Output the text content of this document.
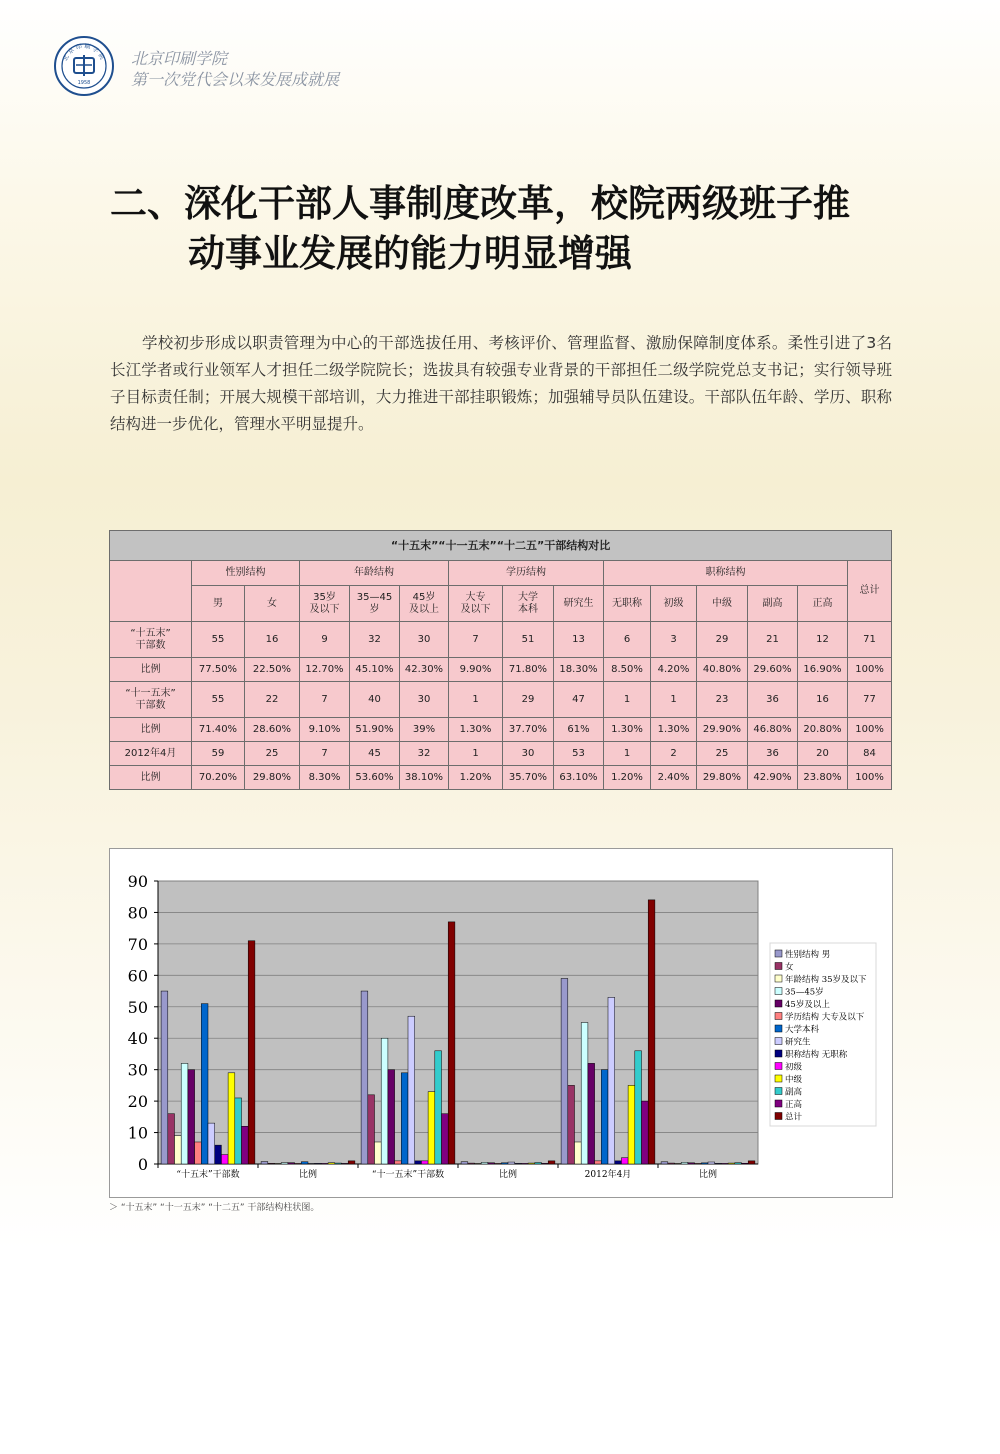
北 京 印 刷 学 院
1958
北京印刷学院
第一次党代会以来发展成就展
二、深化干部人事制度改革，校院两级班子推
动事业发展的能力明显增强
学校初步形成以职责管理为中心的干部选拔任用、考核评价、管理监督、激励保障制度体系。柔性引进了3名长江学者或行业领军人才担任二级学院院长；选拔具有较强专业背景的干部担任二级学院党总支书记；实行领导班子目标责任制；开展大规模干部培训，大力推进干部挂职锻炼；加强辅导员队伍建设。干部队伍年龄、学历、职称结构进一步优化，管理水平明显提升。
“十五末”“十一五末”“十二五”干部结构对比														
	性别结构		年龄结构			学历结构			职称结构					总计
	男	女	35岁
及以下	35—45
岁	45岁
及以上	大专
及以下	大学
本科	研究生	无职称	初级	中级	副高	正高	
“十五末”
干部数	55	16	9	32	30	7	51	13	6	3	29	21	12	71
比例	77.50%	22.50%	12.70%	45.10%	42.30%	9.90%	71.80%	18.30%	8.50%	4.20%	40.80%	29.60%	16.90%	100%
“十一五末”
干部数	55	22	7	40	30	1	29	47	1	1	23	36	16	77
比例	71.40%	28.60%	9.10%	51.90%	39%	1.30%	37.70%	61%	1.30%	1.30%	29.90%	46.80%	20.80%	100%
2012年4月	59	25	7	45	32	1	30	53	1	2	25	36	20	84
比例	70.20%	29.80%	8.30%	53.60%	38.10%	1.20%	35.70%	63.10%	1.20%	2.40%	29.80%	42.90%	23.80%	100%
0
10
20
30
40
50
60
70
80
90
“十五末”干部数	比例	“十一五末”干部数	比例	2012年4月	比例
性别结构 男
女
年龄结构 35岁及以下
35—45岁
45岁及以上
学历结构 大专及以下
大学本科
研究生
职称结构 无职称
初级
中级
副高
正高
总计
＞ “十五末” “十一五末” “十二五” 干部结构柱状图。
